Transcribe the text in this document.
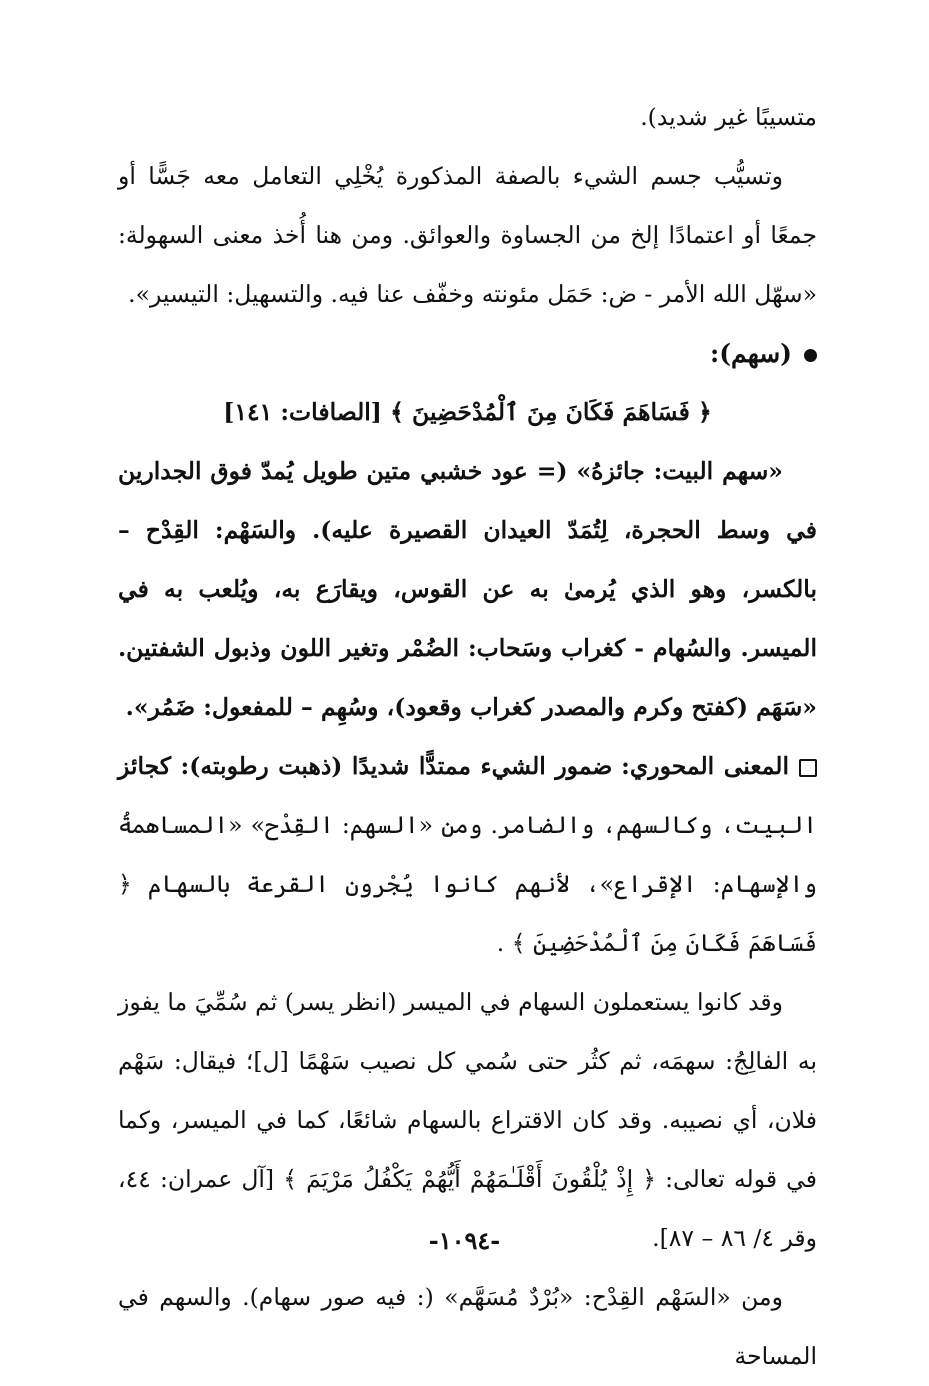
متسيبًا غير شديد).

وتسيُّب جسم الشيء بالصفة المذكورة يُخْلِي التعامل معه جَسًّا أو جمعًا أو اعتمادًا إلخ من الجساوة والعوائق. ومن هنا أُخذ معنى السهولة: «سهّل الله الأمر - ض: حَمَل مئونته وخفّف عنا فيه. والتسهيل: التيسير».

(سهم):

﴿ فَسَاهَمَ فَكَانَ مِنَ ٱلْمُدْحَضِينَ ﴾ [الصافات: ١٤١]

«سهم البيت: جائزهُ» (= عود خشبي متين طويل يُمدّ فوق الجدارين في وسط الحجرة، لِتُمَدّ العيدان القصيرة عليه). والسَهْم: القِدْح – بالكسر، وهو الذي يُرمىٰ به عن القوس، ويقارَع به، ويُلعب به في الميسر. والسُهام - كغراب وسَحاب: الضُمْر وتغير اللون وذبول الشفتين. «سَهَم (كفتح وكرم والمصدر كغراب وقعود)، وسُهِم – للمفعول: ضَمُر».

المعنى المحوري: ضمور الشيء ممتدًّا شديدًا (ذهبت رطوبته): كجائز البيت، وكالسهم، والضامر. ومن «السهم: القِدْح» «المساهمةُ والإسهام: الإقراع»، لأنهم كانوا يُجْرون القرعة بالسهام ﴿ فَسَاهَمَ فَكَانَ مِنَ ٱلْمُدْحَضِينَ ﴾ .

وقد كانوا يستعملون السهام في الميسر (انظر يسر) ثم سُمِّيَ ما يفوز به الفالِجُ: سهمَه، ثم كثُر حتى سُمي كل نصيب سَهْمًا [ل]؛ فيقال: سَهْم فلان، أي نصيبه. وقد كان الاقتراع بالسهام شائعًا، كما في الميسر، وكما في قوله تعالى: ﴿ إِذْ يُلْقُونَ أَقْلَـٰمَهُمْ أَيُّهُمْ يَكْفُلُ مَرْيَمَ ﴾ [آل عمران: ٤٤، وقر ٤/ ٨٦ – ٨٧].

ومن «السَهْم القِدْح: «بُرْدٌ مُسَهَّم» (: فيه صور سهام). والسهم في المساحة

-١٠٩٤-
